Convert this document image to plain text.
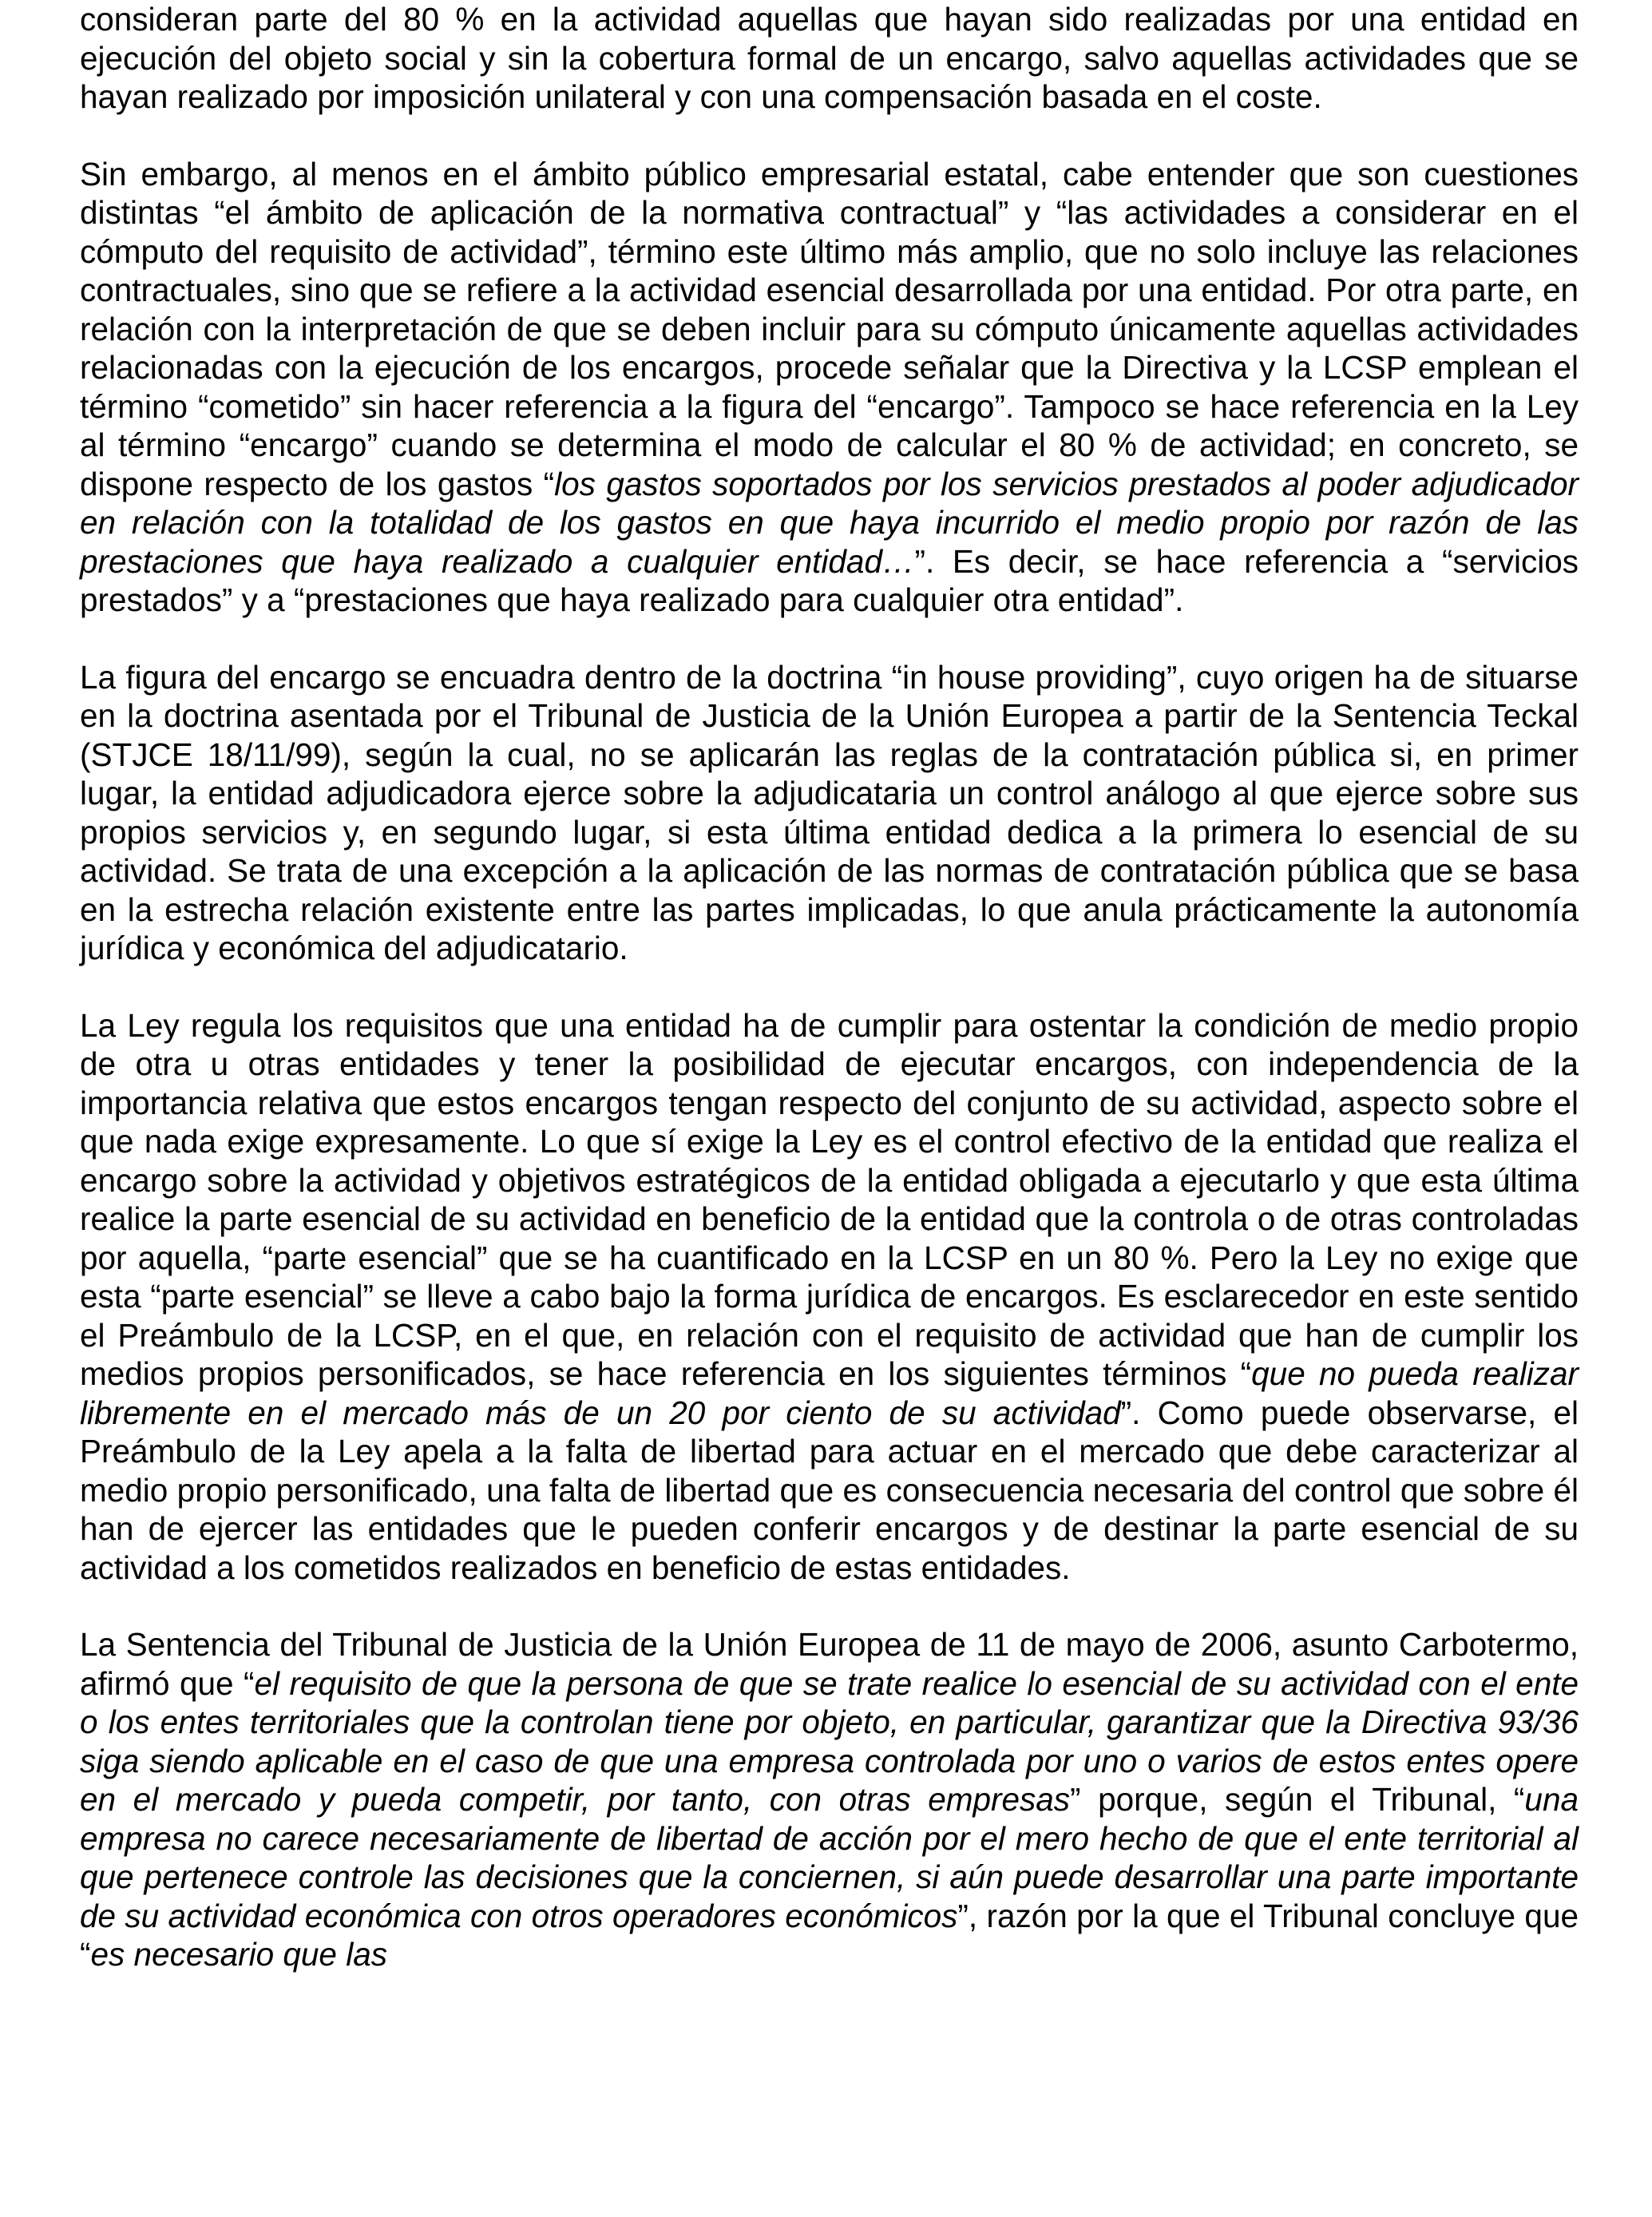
consideran parte del 80 % en la actividad aquellas que hayan sido realizadas por una entidad en ejecución del objeto social y sin la cobertura formal de un encargo, salvo aquellas actividades que se hayan realizado por imposición unilateral y con una compensación basada en el coste.

Sin embargo, al menos en el ámbito público empresarial estatal, cabe entender que son cuestiones distintas “el ámbito de aplicación de la normativa contractual” y “las actividades a considerar en el cómputo del requisito de actividad”, término este último más amplio, que no solo incluye las relaciones contractuales, sino que se refiere a la actividad esencial desarrollada por una entidad. Por otra parte, en relación con la interpretación de que se deben incluir para su cómputo únicamente aquellas actividades relacionadas con la ejecución de los encargos, procede señalar que la Directiva y la LCSP emplean el término “cometido” sin hacer referencia a la figura del “encargo”. Tampoco se hace referencia en la Ley al término “encargo” cuando se determina el modo de calcular el 80 % de actividad; en concreto, se dispone respecto de los gastos “los gastos soportados por los servicios prestados al poder adjudicador en relación con la totalidad de los gastos en que haya incurrido el medio propio por razón de las prestaciones que haya realizado a cualquier entidad…”. Es decir, se hace referencia a “servicios prestados” y a “prestaciones que haya realizado para cualquier otra entidad”.

La figura del encargo se encuadra dentro de la doctrina “in house providing”, cuyo origen ha de situarse en la doctrina asentada por el Tribunal de Justicia de la Unión Europea a partir de la Sentencia Teckal (STJCE 18/11/99), según la cual, no se aplicarán las reglas de la contratación pública si, en primer lugar, la entidad adjudicadora ejerce sobre la adjudicataria un control análogo al que ejerce sobre sus propios servicios y, en segundo lugar, si esta última entidad dedica a la primera lo esencial de su actividad. Se trata de una excepción a la aplicación de las normas de contratación pública que se basa en la estrecha relación existente entre las partes implicadas, lo que anula prácticamente la autonomía jurídica y económica del adjudicatario.

La Ley regula los requisitos que una entidad ha de cumplir para ostentar la condición de medio propio de otra u otras entidades y tener la posibilidad de ejecutar encargos, con independencia de la importancia relativa que estos encargos tengan respecto del conjunto de su actividad, aspecto sobre el que nada exige expresamente. Lo que sí exige la Ley es el control efectivo de la entidad que realiza el encargo sobre la actividad y objetivos estratégicos de la entidad obligada a ejecutarlo y que esta última realice la parte esencial de su actividad en beneficio de la entidad que la controla o de otras controladas por aquella, “parte esencial” que se ha cuantificado en la LCSP en un 80 %. Pero la Ley no exige que esta “parte esencial” se lleve a cabo bajo la forma jurídica de encargos. Es esclarecedor en este sentido el Preámbulo de la LCSP, en el que, en relación con el requisito de actividad que han de cumplir los medios propios personificados, se hace referencia en los siguientes términos “que no pueda realizar libremente en el mercado más de un 20 por ciento de su actividad”. Como puede observarse, el Preámbulo de la Ley apela a la falta de libertad para actuar en el mercado que debe caracterizar al medio propio personificado, una falta de libertad que es consecuencia necesaria del control que sobre él han de ejercer las entidades que le pueden conferir encargos y de destinar la parte esencial de su actividad a los cometidos realizados en beneficio de estas entidades.

La Sentencia del Tribunal de Justicia de la Unión Europea de 11 de mayo de 2006, asunto Carbotermo, afirmó que “el requisito de que la persona de que se trate realice lo esencial de su actividad con el ente o los entes territoriales que la controlan tiene por objeto, en particular, garantizar que la Directiva 93/36 siga siendo aplicable en el caso de que una empresa controlada por uno o varios de estos entes opere en el mercado y pueda competir, por tanto, con otras empresas” porque, según el Tribunal, “una empresa no carece necesariamente de libertad de acción por el mero hecho de que el ente territorial al que pertenece controle las decisiones que la conciernen, si aún puede desarrollar una parte importante de su actividad económica con otros operadores económicos”, razón por la que el Tribunal concluye que “es necesario que las
